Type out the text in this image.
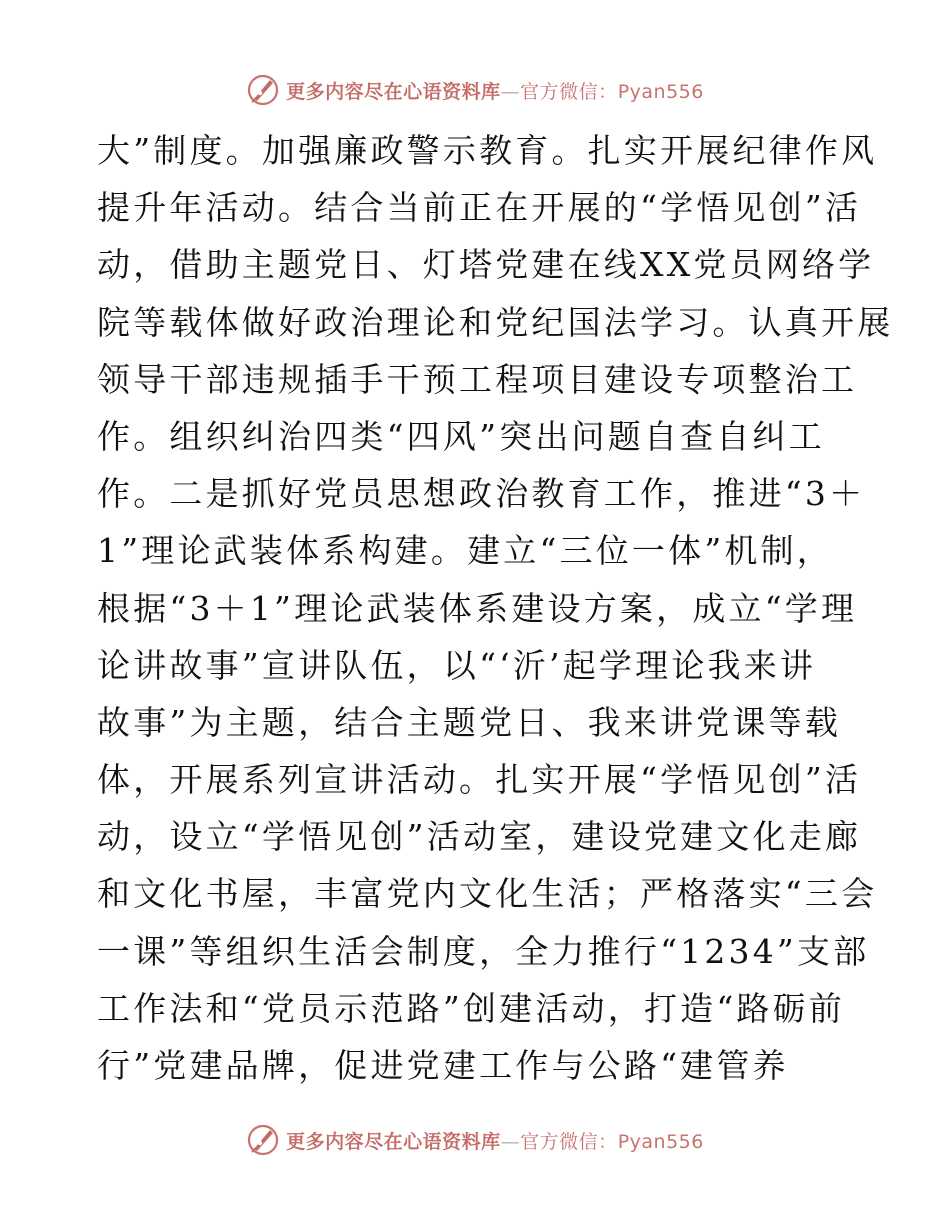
更多内容尽在心语资料库—官方微信：Pyan556
大”制度。加强廉政警示教育。扎实开展纪律作风
提升年活动。结合当前正在开展的“学悟见创”活
动，借助主题党日、灯塔党建在线XX党员网络学
院等载体做好政治理论和党纪国法学习。认真开展
领导干部违规插手干预工程项目建设专项整治工
作。组织纠治四类“四风”突出问题自查自纠工
作。二是抓好党员思想政治教育工作，推进“3＋
1”理论武装体系构建。建立“三位一体”机制，
根据“3＋1”理论武装体系建设方案，成立“学理
论讲故事”宣讲队伍，以“‘沂’起学理论我来讲
故事”为主题，结合主题党日、我来讲党课等载
体，开展系列宣讲活动。扎实开展“学悟见创”活
动，设立“学悟见创”活动室，建设党建文化走廊
和文化书屋，丰富党内文化生活；严格落实“三会
一课”等组织生活会制度，全力推行“1234”支部
工作法和“党员示范路”创建活动，打造“路砺前
行”党建品牌，促进党建工作与公路“建管养
更多内容尽在心语资料库—官方微信：Pyan556
